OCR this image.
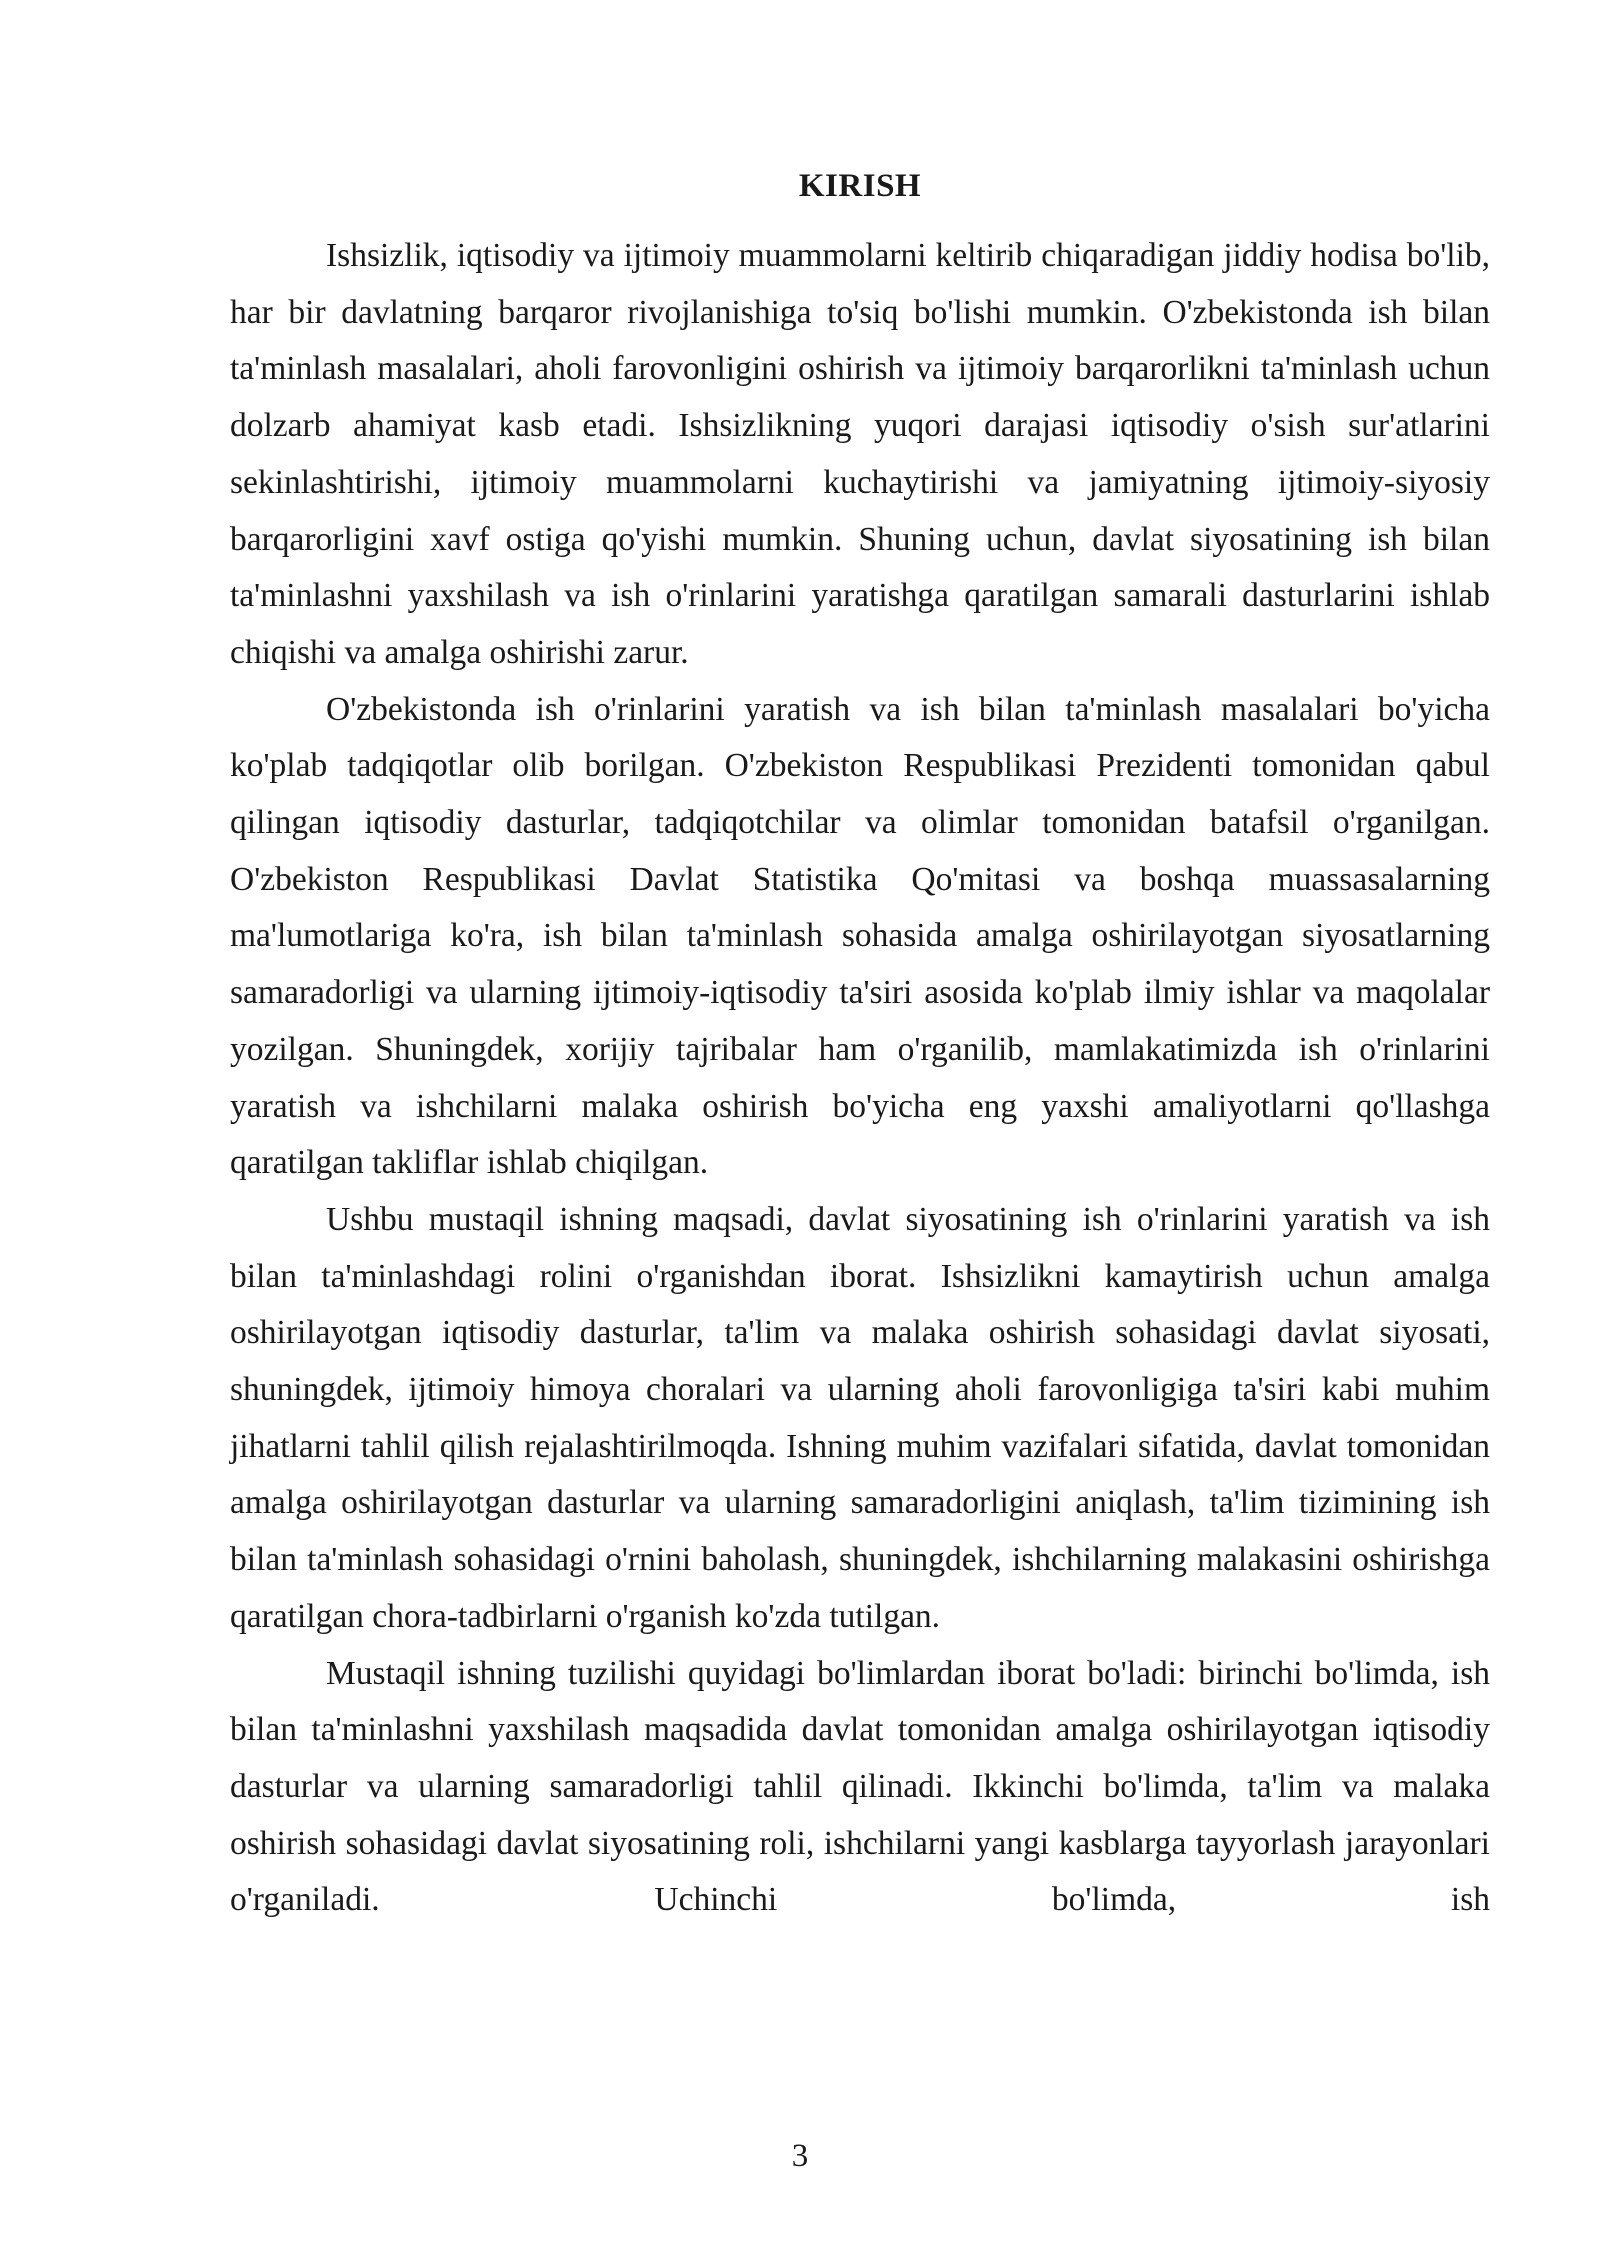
KIRISH

Ishsizlik, iqtisodiy va ijtimoiy muammolarni keltirib chiqaradigan jiddiy hodisa bo'lib, har bir davlatning barqaror rivojlanishiga to'siq bo'lishi mumkin. O'zbekistonda ish bilan ta'minlash masalalari, aholi farovonligini oshirish va ijtimoiy barqarorlikni ta'minlash uchun dolzarb ahamiyat kasb etadi. Ishsizlikning yuqori darajasi iqtisodiy o'sish sur'atlarini sekinlashtirishi, ijtimoiy muammolarni kuchaytirishi va jamiyatning ijtimoiy-siyosiy barqarorligini xavf ostiga qo'yishi mumkin. Shuning uchun, davlat siyosatining ish bilan ta'minlashni yaxshilash va ish o'rinlarini yaratishga qaratilgan samarali dasturlarini ishlab chiqishi va amalga oshirishi zarur.

O'zbekistonda ish o'rinlarini yaratish va ish bilan ta'minlash masalalari bo'yicha ko'plab tadqiqotlar olib borilgan. O'zbekiston Respublikasi Prezidenti tomonidan qabul qilingan iqtisodiy dasturlar, tadqiqotchilar va olimlar tomonidan batafsil o'rganilgan. O'zbekiston Respublikasi Davlat Statistika Qo'mitasi va boshqa muassasalarning ma'lumotlariga ko'ra, ish bilan ta'minlash sohasida amalga oshirilayotgan siyosatlarning samaradorligi va ularning ijtimoiy-iqtisodiy ta'siri asosida ko'plab ilmiy ishlar va maqolalar yozilgan. Shuningdek, xorijiy tajribalar ham o'rganilib, mamlakatimizda ish o'rinlarini yaratish va ishchilarni malaka oshirish bo'yicha eng yaxshi amaliyotlarni qo'llashga qaratilgan takliflar ishlab chiqilgan.

Ushbu mustaqil ishning maqsadi, davlat siyosatining ish o'rinlarini yaratish va ish bilan ta'minlashdagi rolini o'rganishdan iborat. Ishsizlikni kamaytirish uchun amalga oshirilayotgan iqtisodiy dasturlar, ta'lim va malaka oshirish sohasidagi davlat siyosati, shuningdek, ijtimoiy himoya choralari va ularning aholi farovonligiga ta'siri kabi muhim jihatlarni tahlil qilish rejalashtirilmoqda. Ishning muhim vazifalari sifatida, davlat tomonidan amalga oshirilayotgan dasturlar va ularning samaradorligini aniqlash, ta'lim tizimining ish bilan ta'minlash sohasidagi o'rnini baholash, shuningdek, ishchilarning malakasini oshirishga qaratilgan chora-tadbirlarni o'rganish ko'zda tutilgan.

Mustaqil ishning tuzilishi quyidagi bo'limlardan iborat bo'ladi: birinchi bo'limda, ish bilan ta'minlashni yaxshilash maqsadida davlat tomonidan amalga oshirilayotgan iqtisodiy dasturlar va ularning samaradorligi tahlil qilinadi. Ikkinchi bo'limda, ta'lim va malaka oshirish sohasidagi davlat siyosatining roli, ishchilarni yangi kasblarga tayyorlash jarayonlari o'rganiladi. Uchinchi bo'limda, ish

3
